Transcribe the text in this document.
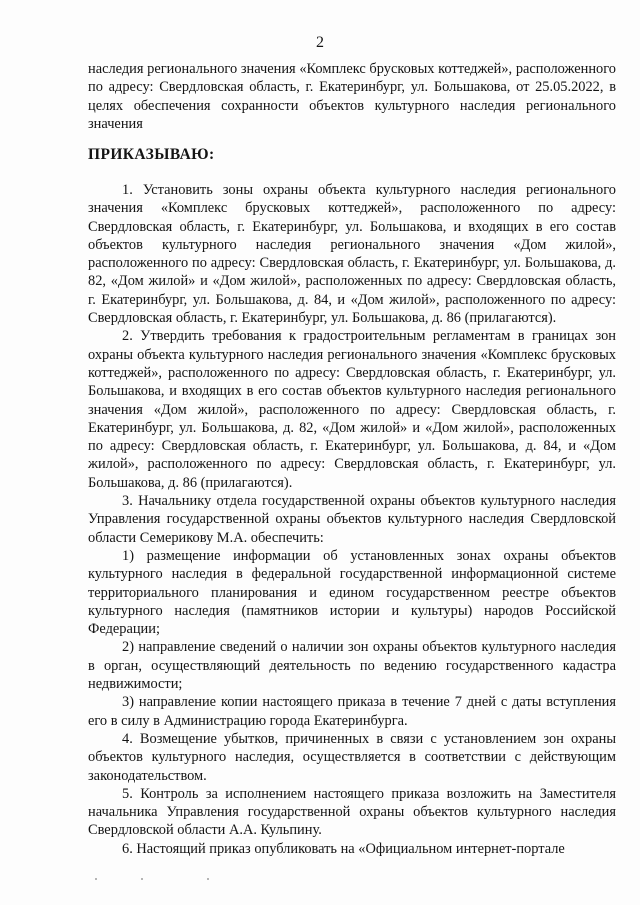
2

наследия регионального значения «Комплекс брусковых коттеджей», расположенного по адресу: Свердловская область, г. Екатеринбург, ул. Большакова, от 25.05.2022, в целях обеспечения сохранности объектов культурного наследия регионального значения

ПРИКАЗЫВАЮ:

1. Установить зоны охраны объекта культурного наследия регионального значения «Комплекс брусковых коттеджей», расположенного по адресу: Свердловская область, г. Екатеринбург, ул. Большакова, и входящих в его состав объектов культурного наследия регионального значения «Дом жилой», расположенного по адресу: Свердловская область, г. Екатеринбург, ул. Большакова, д. 82, «Дом жилой» и «Дом жилой», расположенных по адресу: Свердловская область, г. Екатеринбург, ул. Большакова, д. 84, и «Дом жилой», расположенного по адресу: Свердловская область, г. Екатеринбург, ул. Большакова, д. 86 (прилагаются).

2. Утвердить требования к градостроительным регламентам в границах зон охраны объекта культурного наследия регионального значения «Комплекс брусковых коттеджей», расположенного по адресу: Свердловская область, г. Екатеринбург, ул. Большакова, и входящих в его состав объектов культурного наследия регионального значения «Дом жилой», расположенного по адресу: Свердловская область, г. Екатеринбург, ул. Большакова, д. 82, «Дом жилой» и «Дом жилой», расположенных по адресу: Свердловская область, г. Екатеринбург, ул. Большакова, д. 84, и «Дом жилой», расположенного по адресу: Свердловская область, г. Екатеринбург, ул. Большакова, д. 86 (прилагаются).

3. Начальнику отдела государственной охраны объектов культурного наследия Управления государственной охраны объектов культурного наследия Свердловской области Семерикову М.А. обеспечить:

1) размещение информации об установленных зонах охраны объектов культурного наследия в федеральной государственной информационной системе территориального планирования и едином государственном реестре объектов культурного наследия (памятников истории и культуры) народов Российской Федерации;

2) направление сведений о наличии зон охраны объектов культурного наследия в орган, осуществляющий деятельность по ведению государственного кадастра недвижимости;

3) направление копии настоящего приказа в течение 7 дней с даты вступления его в силу в Администрацию города Екатеринбурга.

4. Возмещение убытков, причиненных в связи с установлением зон охраны объектов культурного наследия, осуществляется в соответствии с действующим законодательством.

5. Контроль за исполнением настоящего приказа возложить на Заместителя начальника Управления государственной охраны объектов культурного наследия Свердловской области А.А. Кульпину.

6. Настоящий приказ опубликовать на «Официальном интернет-портале
